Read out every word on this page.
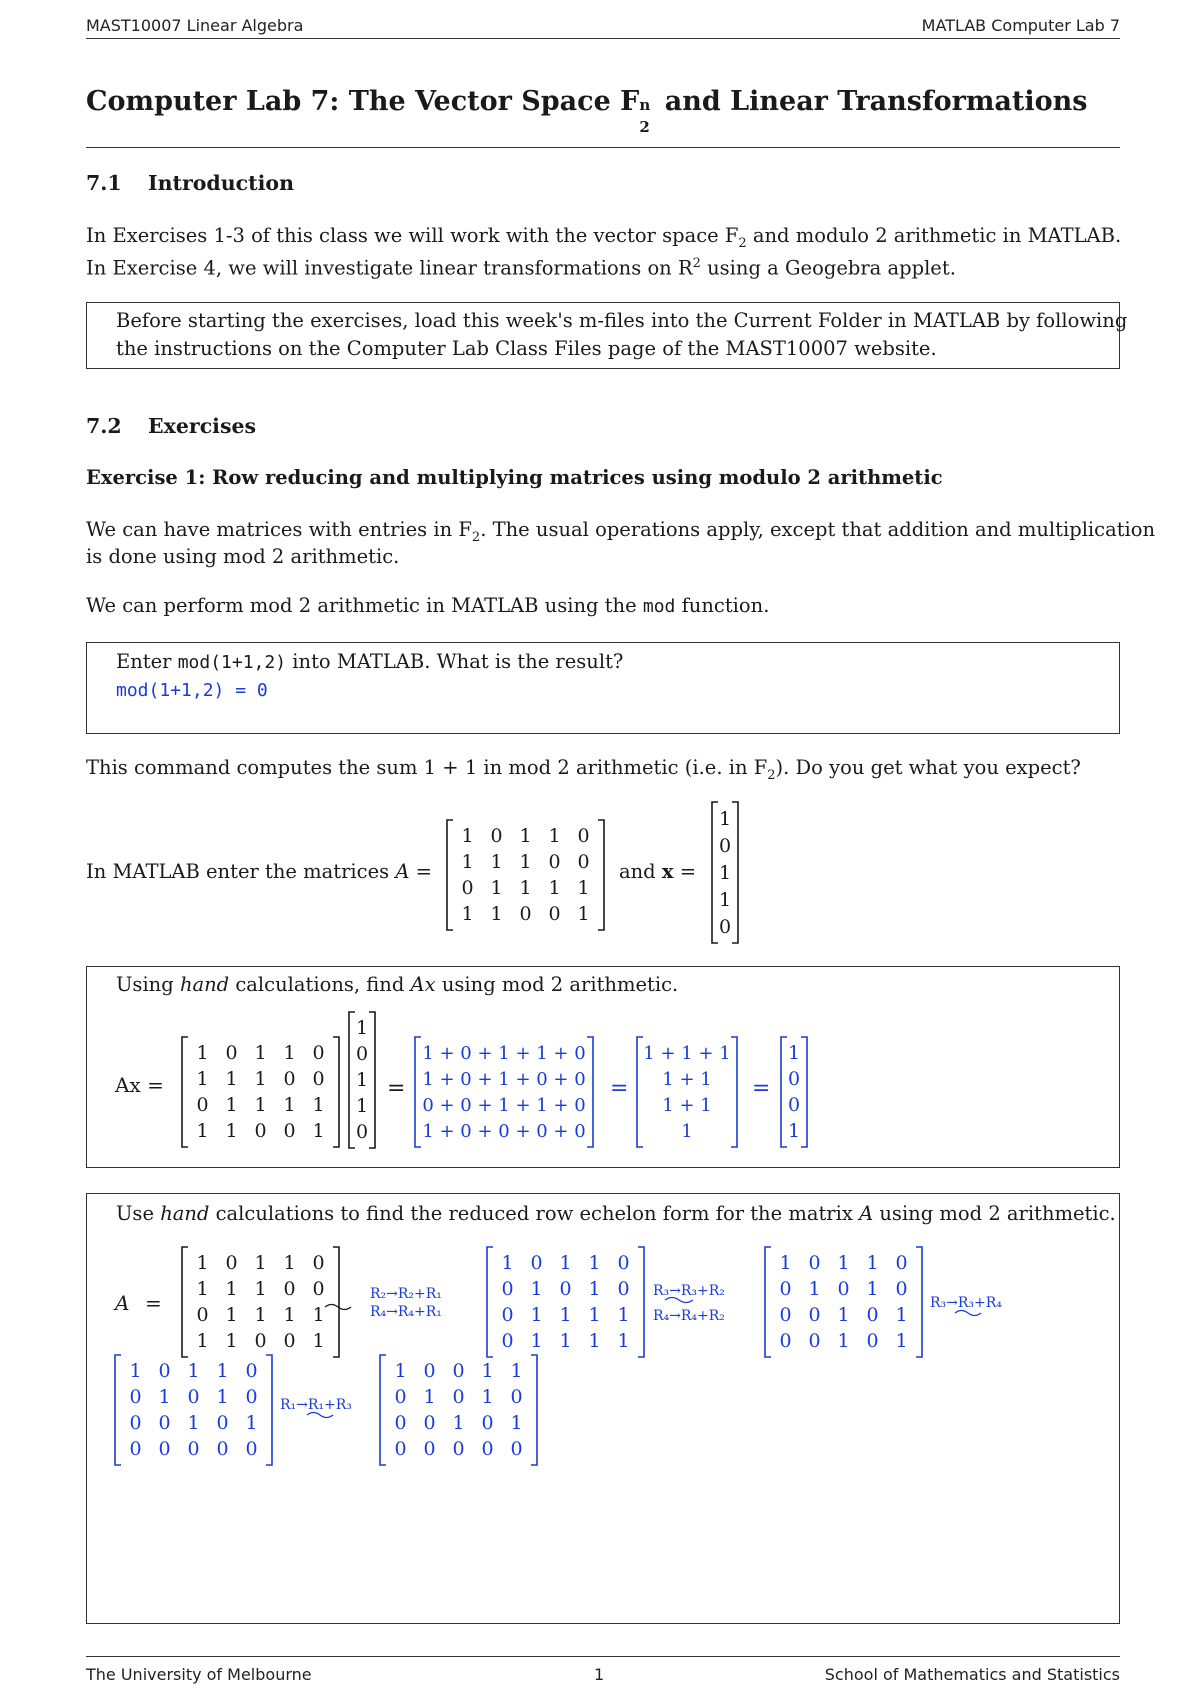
MAST10007 Linear Algebra	MATLAB Computer Lab 7
Computer Lab 7: The Vector Space F n
2
and Linear Transformations
7.1 Introduction
In Exercises 1-3 of this class we will work with the vector space $F_2$ and modulo 2 arithmetic in MATLAB.
In Exercise 4, we will investigate linear transformations on $R^2$ using a Geogebra applet.
Before starting the exercises, load this week's m-files into the Current Folder in MATLAB by following
the instructions on the Computer Lab Class Files page of the MAST10007 website.
7.2 Exercises
Exercise 1: Row reducing and multiplying matrices using modulo 2 arithmetic
We can have matrices with entries in $F_2$. The usual operations apply, except that addition and multiplication
is done using mod 2 arithmetic.
We can perform mod 2 arithmetic in MATLAB using the mod function.
Enter mod(1+1,2) into MATLAB. What is the result?
mod(1+1,2) = 0
This command computes the sum 1 + 1 in mod 2 arithmetic (i.e. in $F_2$). Do you get what you expect?
In MATLAB enter the matrices A =	and x =
1 0 1 1 0
1 1 1 0 0
0 1 1 1 1
1 1 0 0 1
1
0
1
1
0
Using hand calculations, find Ax using mod 2 arithmetic.
Ax =
1 0 1 1 0
1 1 1 0 0
0 1 1 1 1
1 1 0 0 1
1
0
1
1
0
=
1 + 0 + 1 + 1 + 0
1 + 0 + 1 + 0 + 0
0 + 0 + 1 + 1 + 0
1 + 0 + 0 + 0 + 0
=
1 + 1 + 1
1 + 1
1 + 1
1
=
1
0
0
1
Use hand calculations to find the reduced row echelon form for the matrix A using mod 2 arithmetic.
A =
1 0 1 1 0
1 1 1 0 0
0 1 1 1 1
1 1 0 0 1
R₂→R₂+R₁
R₄→R₄+R₁
1 0 1 1 0
0 1 0 1 0
0 1 1 1 1
0 1 1 1 1
R₃→R₃+R₂
R₄→R₄+R₂
1 0 1 1 0
0 1 0 1 0
0 0 1 0 1
0 0 1 0 1
R₃→R₃+R₄
1 0 1 1 0
0 1 0 1 0
0 0 1 0 1
0 0 0 0 0
R₁→R₁+R₃
1 0 0 1 1
0 1 0 1 0
0 0 1 0 1
0 0 0 0 0
The University of Melbourne	1	School of Mathematics and Statistics
